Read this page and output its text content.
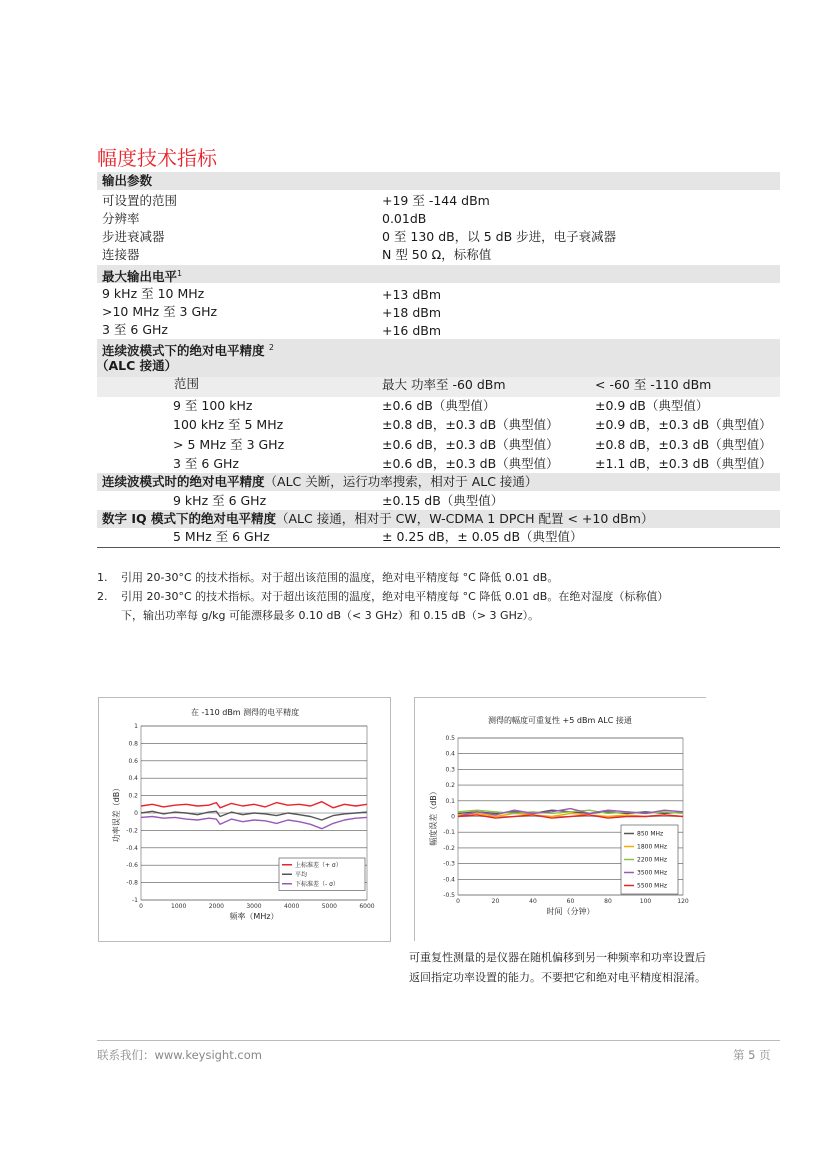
幅度技术指标
输出参数
可设置的范围	+19 至 -144 dBm
分辨率	0.01dB
步进衰减器	0 至 130 dB，以 5 dB 步进，电子衰减器
连接器	N 型 50 Ω，标称值
最大输出电平$^1$
9 kHz 至 10 MHz	+13 dBm
>10 MHz 至 3 GHz	+18 dBm
3 至 6 GHz	+16 dBm
连续波模式下的绝对电平精度 $^2$
（ALC 接通）
范围	最大 功率至 -60 dBm	< -60 至 -110 dBm
9 至 100 kHz	±0.6 dB（典型值）	±0.9 dB（典型值）
100 kHz 至 5 MHz	±0.8 dB，±0.3 dB（典型值）	±0.9 dB，±0.3 dB（典型值）
> 5 MHz 至 3 GHz	±0.6 dB，±0.3 dB（典型值）	±0.8 dB，±0.3 dB（典型值）
3 至 6 GHz	±0.6 dB，±0.3 dB（典型值）	±1.1 dB，±0.3 dB（典型值）
连续波模式时的绝对电平精度（ALC 关断，运行功率搜索，相对于 ALC 接通）
9 kHz 至 6 GHz	±0.15 dB（典型值）
数字 IQ 模式下的绝对电平精度（ALC 接通，相对于 CW，W-CDMA 1 DPCH 配置 < +10 dBm）
5 MHz 至 6 GHz	± 0.25 dB，± 0.05 dB（典型值）
1. 引用 20-30°C 的技术指标。对于超出该范围的温度，绝对电平精度每 °C 降低 0.01 dB。
2. 引用 20-30°C 的技术指标。对于超出该范围的温度，绝对电平精度每 °C 降低 0.01 dB。在绝对湿度（标称值）
下，输出功率每 g/kg 可能漂移最多 0.10 dB（< 3 GHz）和 0.15 dB（> 3 GHz）。
在 -110 dBm 测得的电平精度
1
0.8
0.6
0.4
0.2
0
-0.2
-0.4
-0.6
-0.8
-1
0	1000	2000	3000	4000	5000	6000
频率（MHz）
功率误差（dB）
上标准差（+ σ）
平均
下标准差（- σ）
测得的幅度可重复性 +5 dBm ALC 接通
0.5
0.4
0.3
0.2
0.1
0
-0.1
-0.2
-0.3
-0.4
-0.5
0	20	40	60	80	100	120
时间（分钟）
幅度误差（dB）	850 MHz
1800 MHz
2200 MHz
3500 MHz
5500 MHz
可重复性测量的是仪器在随机偏移到另一种频率和功率设置后
返回指定功率设置的能力。不要把它和绝对电平精度相混淆。
联系我们：www.keysight.com	第 5 页
